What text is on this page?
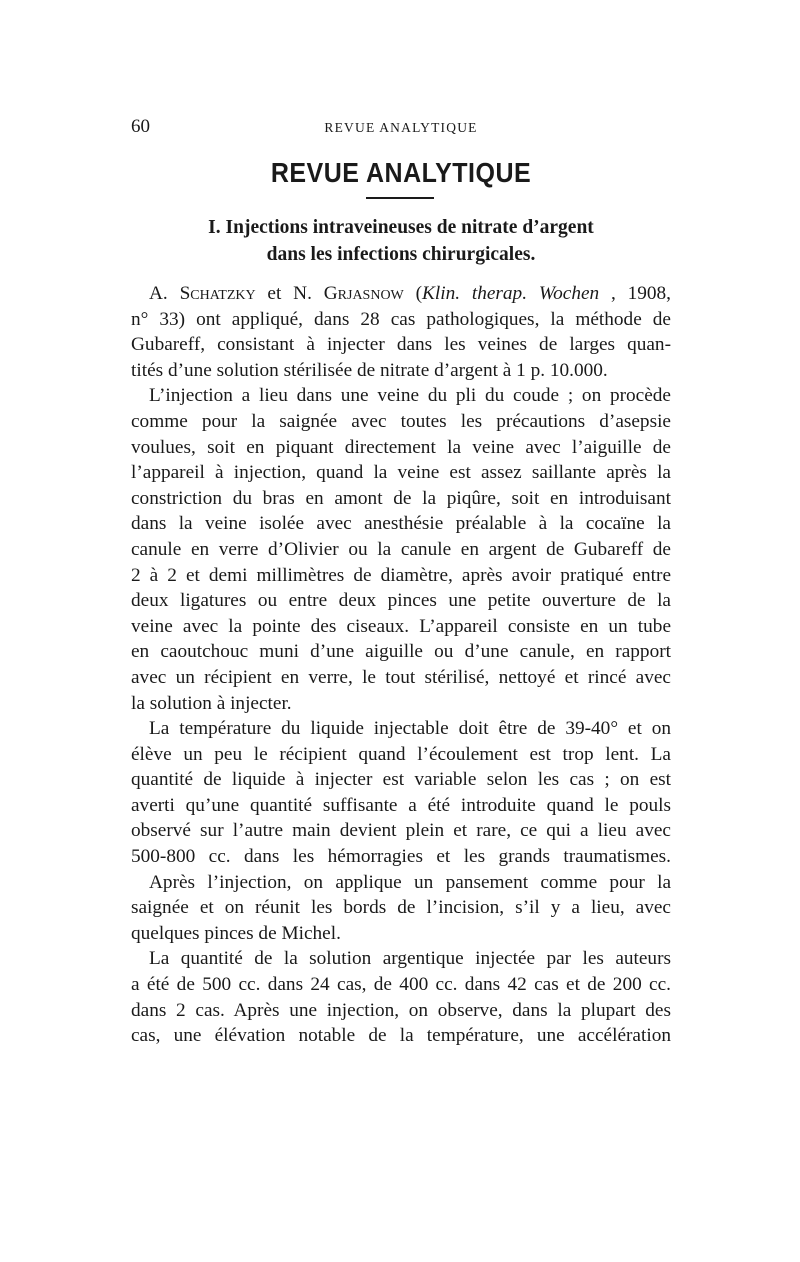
60	REVUE ANALYTIQUE
REVUE ANALYTIQUE
I. Injections intraveineuses de nitrate d’argent
dans les infections chirurgicales.
A. Schatzky et N. Grjasnow (Klin. therap. Wochen , 1908,
n° 33) ont appliqué, dans 28 cas pathologiques, la méthode de
Gubareff, consistant à injecter dans les veines de larges quan-
tités d’une solution stérilisée de nitrate d’argent à 1 p. 10.000.
L’injection a lieu dans une veine du pli du coude ; on procède
comme pour la saignée avec toutes les précautions d’asepsie
voulues, soit en piquant directement la veine avec l’aiguille de
l’appareil à injection, quand la veine est assez saillante après la
constriction du bras en amont de la piqûre, soit en introduisant
dans la veine isolée avec anesthésie préalable à la cocaïne la
canule en verre d’Olivier ou la canule en argent de Gubareff de
2 à 2 et demi millimètres de diamètre, après avoir pratiqué entre
deux ligatures ou entre deux pinces une petite ouverture de la
veine avec la pointe des ciseaux. L’appareil consiste en un tube
en caoutchouc muni d’une aiguille ou d’une canule, en rapport
avec un récipient en verre, le tout stérilisé, nettoyé et rincé avec
la solution à injecter.
La température du liquide injectable doit être de 39-40° et on
élève un peu le récipient quand l’écoulement est trop lent. La
quantité de liquide à injecter est variable selon les cas ; on est
averti qu’une quantité suffisante a été introduite quand le pouls
observé sur l’autre main devient plein et rare, ce qui a lieu avec
500-800 cc. dans les hémorragies et les grands traumatismes.
Après l’injection, on applique un pansement comme pour la
saignée et on réunit les bords de l’incision, s’il y a lieu, avec
quelques pinces de Michel.
La quantité de la solution argentique injectée par les auteurs
a été de 500 cc. dans 24 cas, de 400 cc. dans 42 cas et de 200 cc.
dans 2 cas. Après une injection, on observe, dans la plupart des
cas, une élévation notable de la température, une accélération
